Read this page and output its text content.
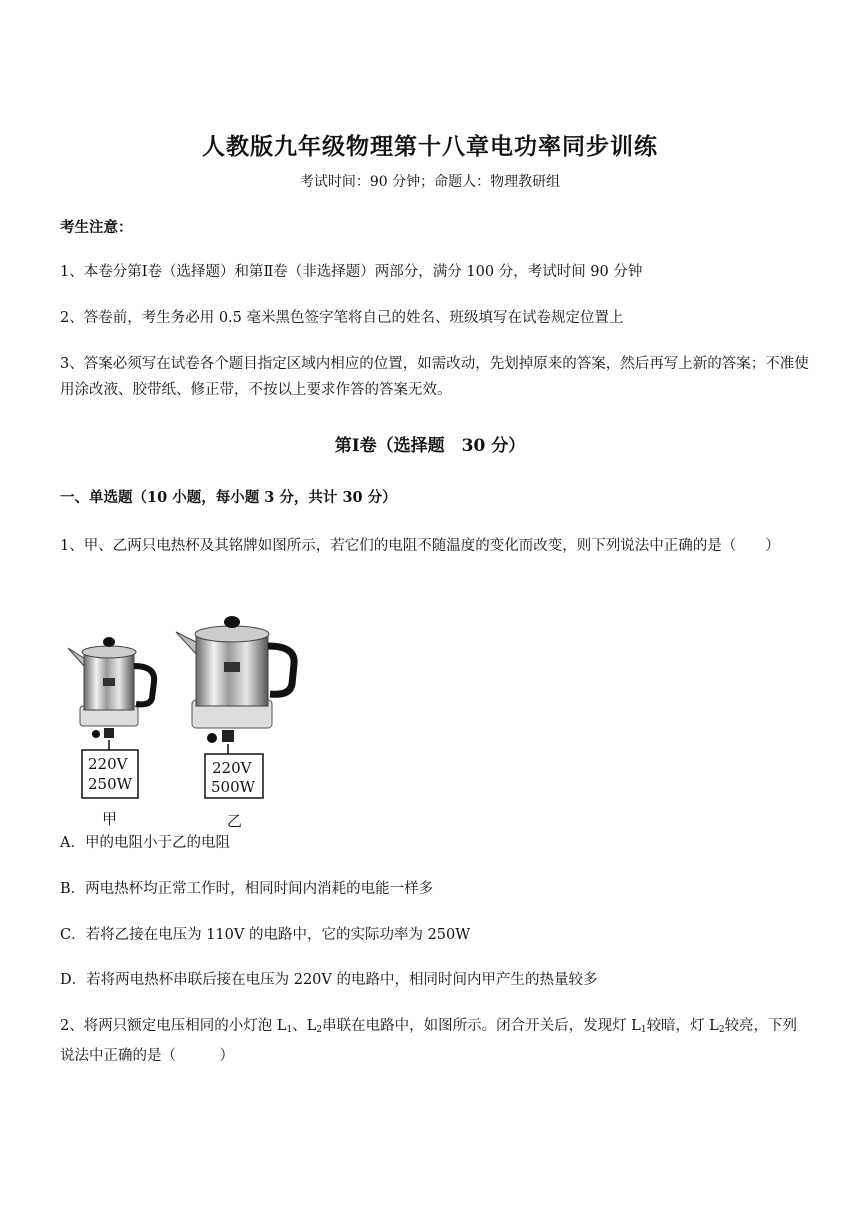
人教版九年级物理第十八章电功率同步训练
考试时间：90 分钟；命题人：物理教研组
考生注意：
1、本卷分第Ⅰ卷（选择题）和第Ⅱ卷（非选择题）两部分，满分 100 分，考试时间 90 分钟
2、答卷前，考生务必用 0.5 毫米黑色签字笔将自己的姓名、班级填写在试卷规定位置上
3、答案必须写在试卷各个题目指定区域内相应的位置，如需改动，先划掉原来的答案，然后再写上新的答案；不准使用涂改液、胶带纸、修正带，不按以上要求作答的答案无效。
第Ⅰ卷（选择题　30 分）
一、单选题（10 小题，每小题 3 分，共计 30 分）
1、甲、乙两只电热杯及其铭牌如图所示，若它们的电阻不随温度的变化而改变，则下列说法中正确的是（　　）
220V
250W
220V
500W
甲	乙
A．甲的电阻小于乙的电阻
B．两电热杯均正常工作时，相同时间内消耗的电能一样多
C．若将乙接在电压为 110V 的电路中，它的实际功率为 250W
D．若将两电热杯串联后接在电压为 220V 的电路中，相同时间内甲产生的热量较多
2、将两只额定电压相同的小灯泡 $L_1$、$L_2$串联在电路中，如图所示。闭合开关后，发现灯 $L_1$较暗，灯 $L_2$较亮，下列说法中正确的是（　　　）
